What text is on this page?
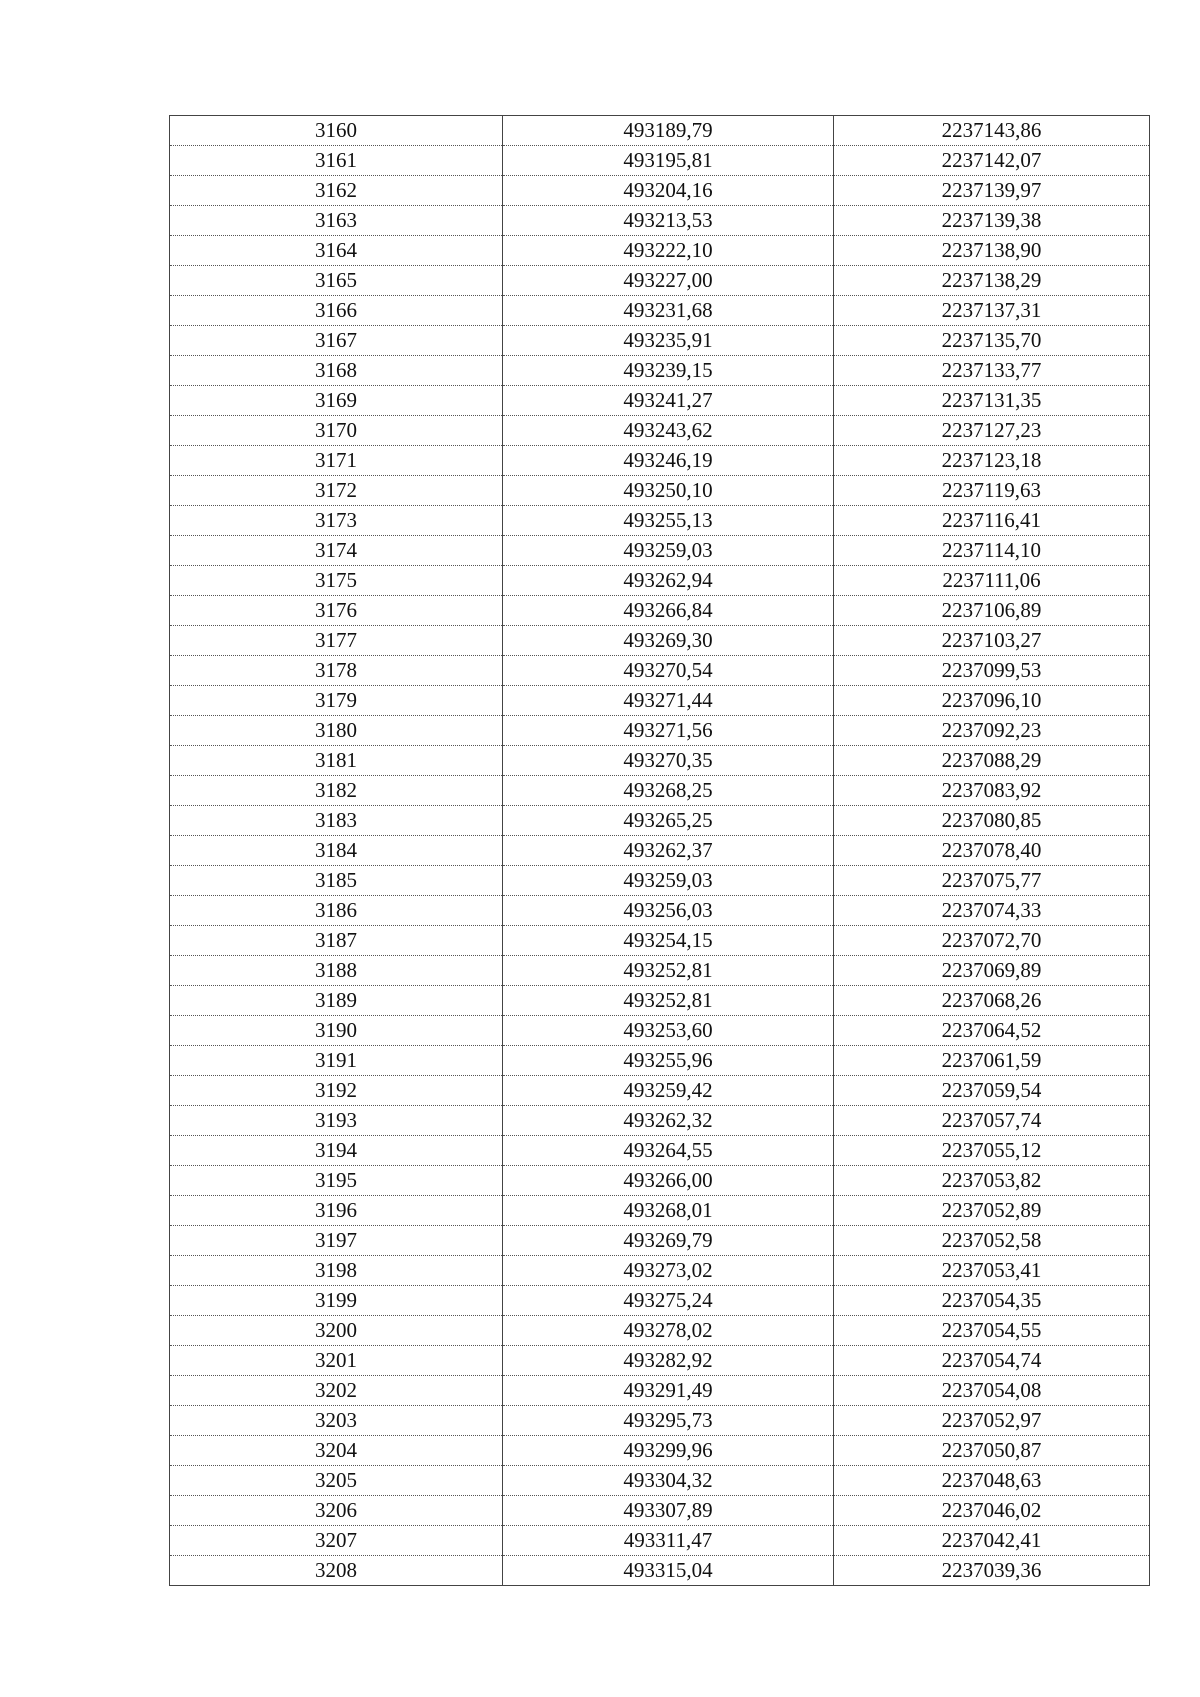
3160	493189,79	2237143,86
3161	493195,81	2237142,07
3162	493204,16	2237139,97
3163	493213,53	2237139,38
3164	493222,10	2237138,90
3165	493227,00	2237138,29
3166	493231,68	2237137,31
3167	493235,91	2237135,70
3168	493239,15	2237133,77
3169	493241,27	2237131,35
3170	493243,62	2237127,23
3171	493246,19	2237123,18
3172	493250,10	2237119,63
3173	493255,13	2237116,41
3174	493259,03	2237114,10
3175	493262,94	2237111,06
3176	493266,84	2237106,89
3177	493269,30	2237103,27
3178	493270,54	2237099,53
3179	493271,44	2237096,10
3180	493271,56	2237092,23
3181	493270,35	2237088,29
3182	493268,25	2237083,92
3183	493265,25	2237080,85
3184	493262,37	2237078,40
3185	493259,03	2237075,77
3186	493256,03	2237074,33
3187	493254,15	2237072,70
3188	493252,81	2237069,89
3189	493252,81	2237068,26
3190	493253,60	2237064,52
3191	493255,96	2237061,59
3192	493259,42	2237059,54
3193	493262,32	2237057,74
3194	493264,55	2237055,12
3195	493266,00	2237053,82
3196	493268,01	2237052,89
3197	493269,79	2237052,58
3198	493273,02	2237053,41
3199	493275,24	2237054,35
3200	493278,02	2237054,55
3201	493282,92	2237054,74
3202	493291,49	2237054,08
3203	493295,73	2237052,97
3204	493299,96	2237050,87
3205	493304,32	2237048,63
3206	493307,89	2237046,02
3207	493311,47	2237042,41
3208	493315,04	2237039,36
